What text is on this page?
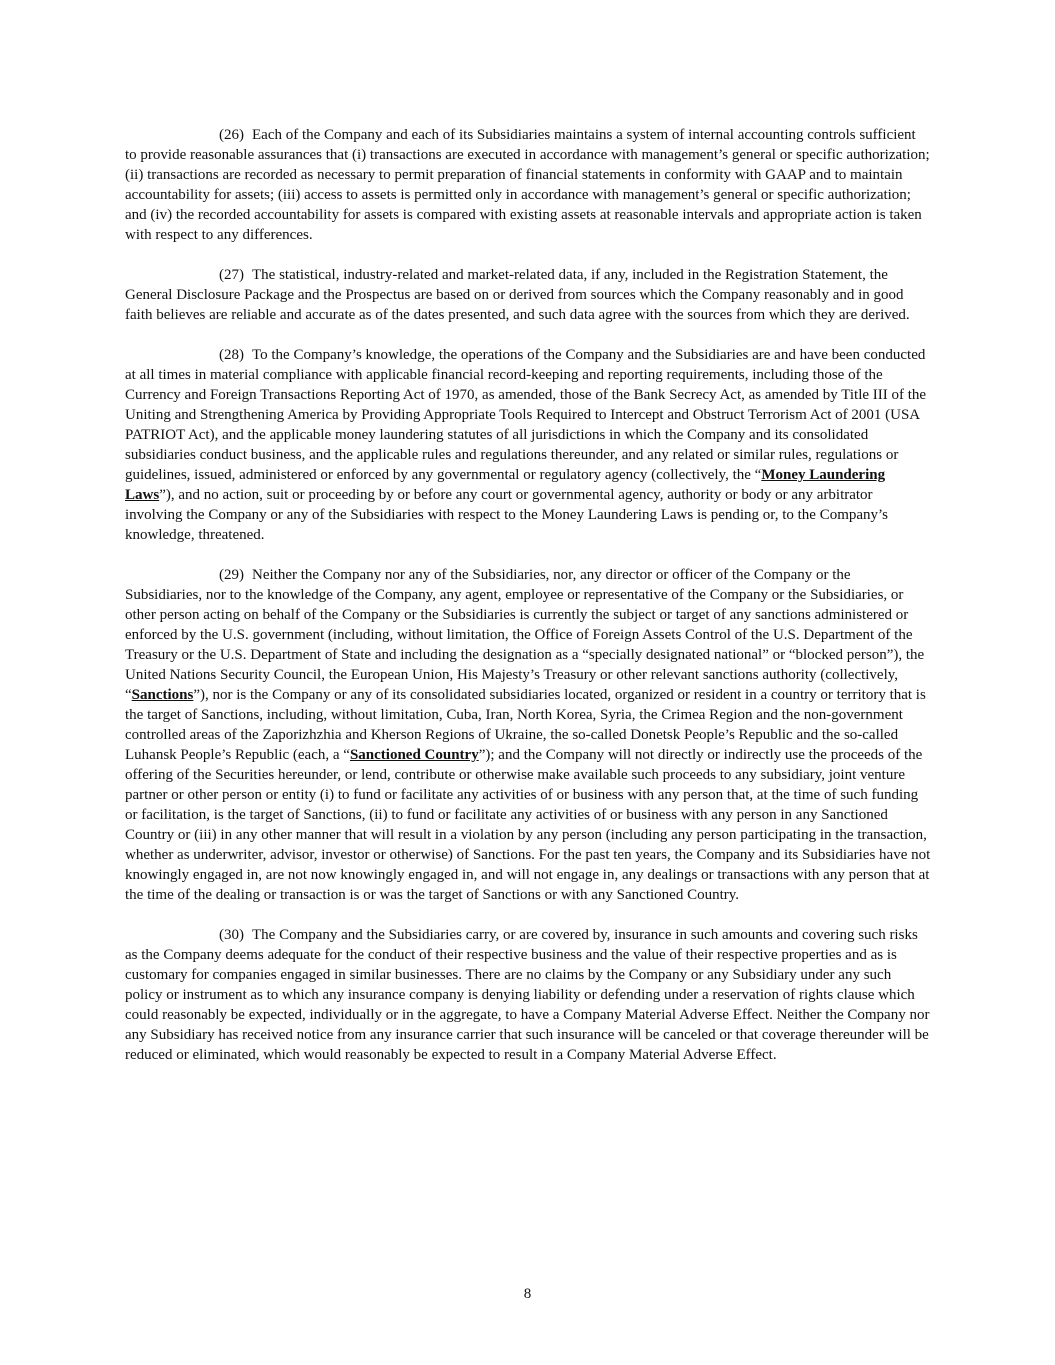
(26) Each of the Company and each of its Subsidiaries maintains a system of internal accounting controls sufficient to provide reasonable assurances that (i) transactions are executed in accordance with management’s general or specific authorization; (ii) transactions are recorded as necessary to permit preparation of financial statements in conformity with GAAP and to maintain accountability for assets; (iii) access to assets is permitted only in accordance with management’s general or specific authorization; and (iv) the recorded accountability for assets is compared with existing assets at reasonable intervals and appropriate action is taken with respect to any differences.

(27) The statistical, industry-related and market-related data, if any, included in the Registration Statement, the General Disclosure Package and the Prospectus are based on or derived from sources which the Company reasonably and in good faith believes are reliable and accurate as of the dates presented, and such data agree with the sources from which they are derived.

(28) To the Company’s knowledge, the operations of the Company and the Subsidiaries are and have been conducted at all times in material compliance with applicable financial record-keeping and reporting requirements, including those of the Currency and Foreign Transactions Reporting Act of 1970, as amended, those of the Bank Secrecy Act, as amended by Title III of the Uniting and Strengthening America by Providing Appropriate Tools Required to Intercept and Obstruct Terrorism Act of 2001 (USA PATRIOT Act), and the applicable money laundering statutes of all jurisdictions in which the Company and its consolidated subsidiaries conduct business, and the applicable rules and regulations thereunder, and any related or similar rules, regulations or guidelines, issued, administered or enforced by any governmental or regulatory agency (collectively, the “Money Laundering Laws”), and no action, suit or proceeding by or before any court or governmental agency, authority or body or any arbitrator involving the Company or any of the Subsidiaries with respect to the Money Laundering Laws is pending or, to the Company’s knowledge, threatened.

(29) Neither the Company nor any of the Subsidiaries, nor, any director or officer of the Company or the Subsidiaries, nor to the knowledge of the Company, any agent, employee or representative of the Company or the Subsidiaries, or other person acting on behalf of the Company or the Subsidiaries is currently the subject or target of any sanctions administered or enforced by the U.S. government (including, without limitation, the Office of Foreign Assets Control of the U.S. Department of the Treasury or the U.S. Department of State and including the designation as a “specially designated national” or “blocked person”), the United Nations Security Council, the European Union, His Majesty’s Treasury or other relevant sanctions authority (collectively, “Sanctions”), nor is the Company or any of its consolidated subsidiaries located, organized or resident in a country or territory that is the target of Sanctions, including, without limitation, Cuba, Iran, North Korea, Syria, the Crimea Region and the non-government controlled areas of the Zaporizhzhia and Kherson Regions of Ukraine, the so-called Donetsk People’s Republic and the so-called Luhansk People’s Republic (each, a “Sanctioned Country”); and the Company will not directly or indirectly use the proceeds of the offering of the Securities hereunder, or lend, contribute or otherwise make available such proceeds to any subsidiary, joint venture partner or other person or entity (i) to fund or facilitate any activities of or business with any person that, at the time of such funding or facilitation, is the target of Sanctions, (ii) to fund or facilitate any activities of or business with any person in any Sanctioned Country or (iii) in any other manner that will result in a violation by any person (including any person participating in the transaction, whether as underwriter, advisor, investor or otherwise) of Sanctions. For the past ten years, the Company and its Subsidiaries have not knowingly engaged in, are not now knowingly engaged in, and will not engage in, any dealings or transactions with any person that at the time of the dealing or transaction is or was the target of Sanctions or with any Sanctioned Country.

(30) The Company and the Subsidiaries carry, or are covered by, insurance in such amounts and covering such risks as the Company deems adequate for the conduct of their respective business and the value of their respective properties and as is customary for companies engaged in similar businesses. There are no claims by the Company or any Subsidiary under any such policy or instrument as to which any insurance company is denying liability or defending under a reservation of rights clause which could reasonably be expected, individually or in the aggregate, to have a Company Material Adverse Effect. Neither the Company nor any Subsidiary has received notice from any insurance carrier that such insurance will be canceled or that coverage thereunder will be reduced or eliminated, which would reasonably be expected to result in a Company Material Adverse Effect.

8
